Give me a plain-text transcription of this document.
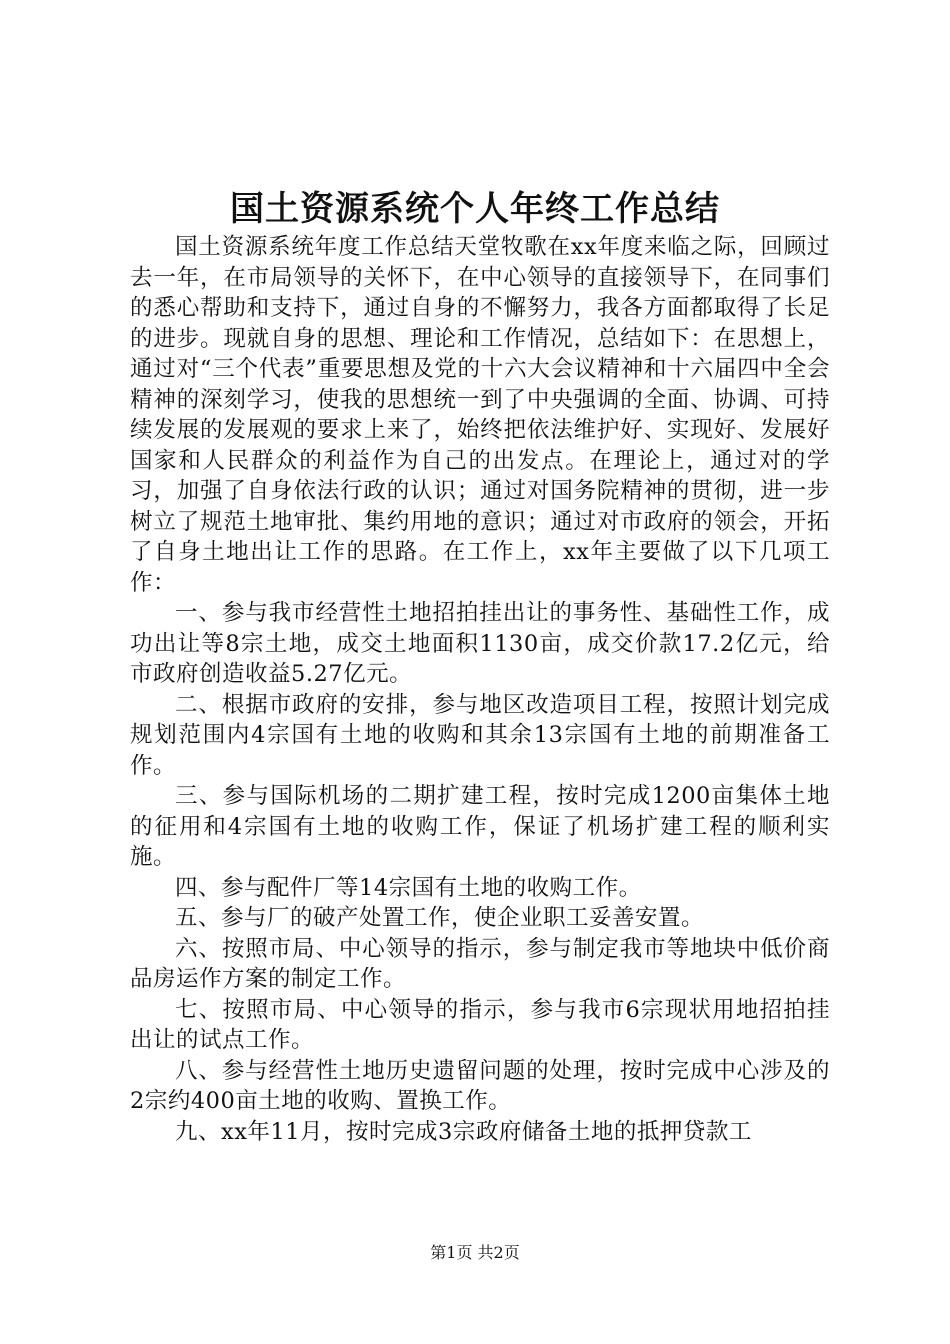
国土资源系统个人年终工作总结

国土资源系统年度工作总结天堂牧歌在xx年度来临之际，回顾过去一年，在市局领导的关怀下，在中心领导的直接领导下，在同事们的悉心帮助和支持下，通过自身的不懈努力，我各方面都取得了长足的进步。现就自身的思想、理论和工作情况，总结如下：在思想上，通过对“三个代表”重要思想及党的十六大会议精神和十六届四中全会精神的深刻学习，使我的思想统一到了中央强调的全面、协调、可持续发展的发展观的要求上来了，始终把依法维护好、实现好、发展好国家和人民群众的利益作为自己的出发点。在理论上，通过对的学习，加强了自身依法行政的认识；通过对国务院精神的贯彻，进一步树立了规范土地审批、集约用地的意识；通过对市政府的领会，开拓了自身土地出让工作的思路。在工作上，xx年主要做了以下几项工作：

一、参与我市经营性土地招拍挂出让的事务性、基础性工作，成功出让等8宗土地，成交土地面积1130亩，成交价款17.2亿元，给市政府创造收益5.27亿元。

二、根据市政府的安排，参与地区改造项目工程，按照计划完成规划范围内4宗国有土地的收购和其余13宗国有土地的前期准备工作。

三、参与国际机场的二期扩建工程，按时完成1200亩集体土地的征用和4宗国有土地的收购工作，保证了机场扩建工程的顺利实施。

四、参与配件厂等14宗国有土地的收购工作。

五、参与厂的破产处置工作，使企业职工妥善安置。

六、按照市局、中心领导的指示，参与制定我市等地块中低价商品房运作方案的制定工作。

七、按照市局、中心领导的指示，参与我市6宗现状用地招拍挂出让的试点工作。

八、参与经营性土地历史遗留问题的处理，按时完成中心涉及的2宗约400亩土地的收购、置换工作。

九、xx年11月，按时完成3宗政府储备土地的抵押贷款工

第1页 共2页
